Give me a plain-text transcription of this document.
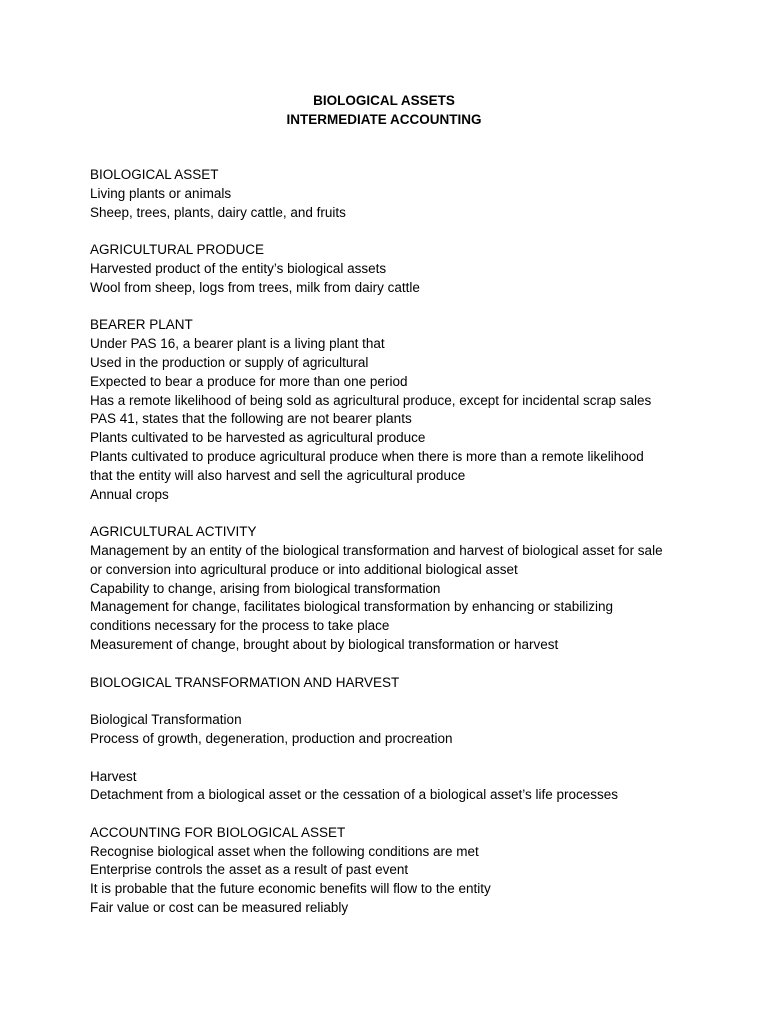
BIOLOGICAL ASSETS
INTERMEDIATE ACCOUNTING

BIOLOGICAL ASSET

Living plants or animals

Sheep, trees, plants, dairy cattle, and fruits

AGRICULTURAL PRODUCE

Harvested product of the entity’s biological assets

Wool from sheep, logs from trees, milk from dairy cattle

BEARER PLANT

Under PAS 16, a bearer plant is a living plant that

Used in the production or supply of agricultural

Expected to bear a produce for more than one period

Has a remote likelihood of being sold as agricultural produce, except for incidental scrap sales

PAS 41, states that the following are not bearer plants

Plants cultivated to be harvested as agricultural produce

Plants cultivated to produce agricultural produce when there is more than a remote likelihood

that the entity will also harvest and sell the agricultural produce

Annual crops

AGRICULTURAL ACTIVITY

Management by an entity of the biological transformation and harvest of biological asset for sale

or conversion into agricultural produce or into additional biological asset

Capability to change, arising from biological transformation

Management for change, facilitates biological transformation by enhancing or stabilizing

conditions necessary for the process to take place

Measurement of change, brought about by biological transformation or harvest

BIOLOGICAL TRANSFORMATION AND HARVEST

Biological Transformation

Process of growth, degeneration, production and procreation

Harvest

Detachment from a biological asset or the cessation of a biological asset’s life processes

ACCOUNTING FOR BIOLOGICAL ASSET

Recognise biological asset when the following conditions are met

Enterprise controls the asset as a result of past event

It is probable that the future economic benefits will flow to the entity

Fair value or cost can be measured reliably
